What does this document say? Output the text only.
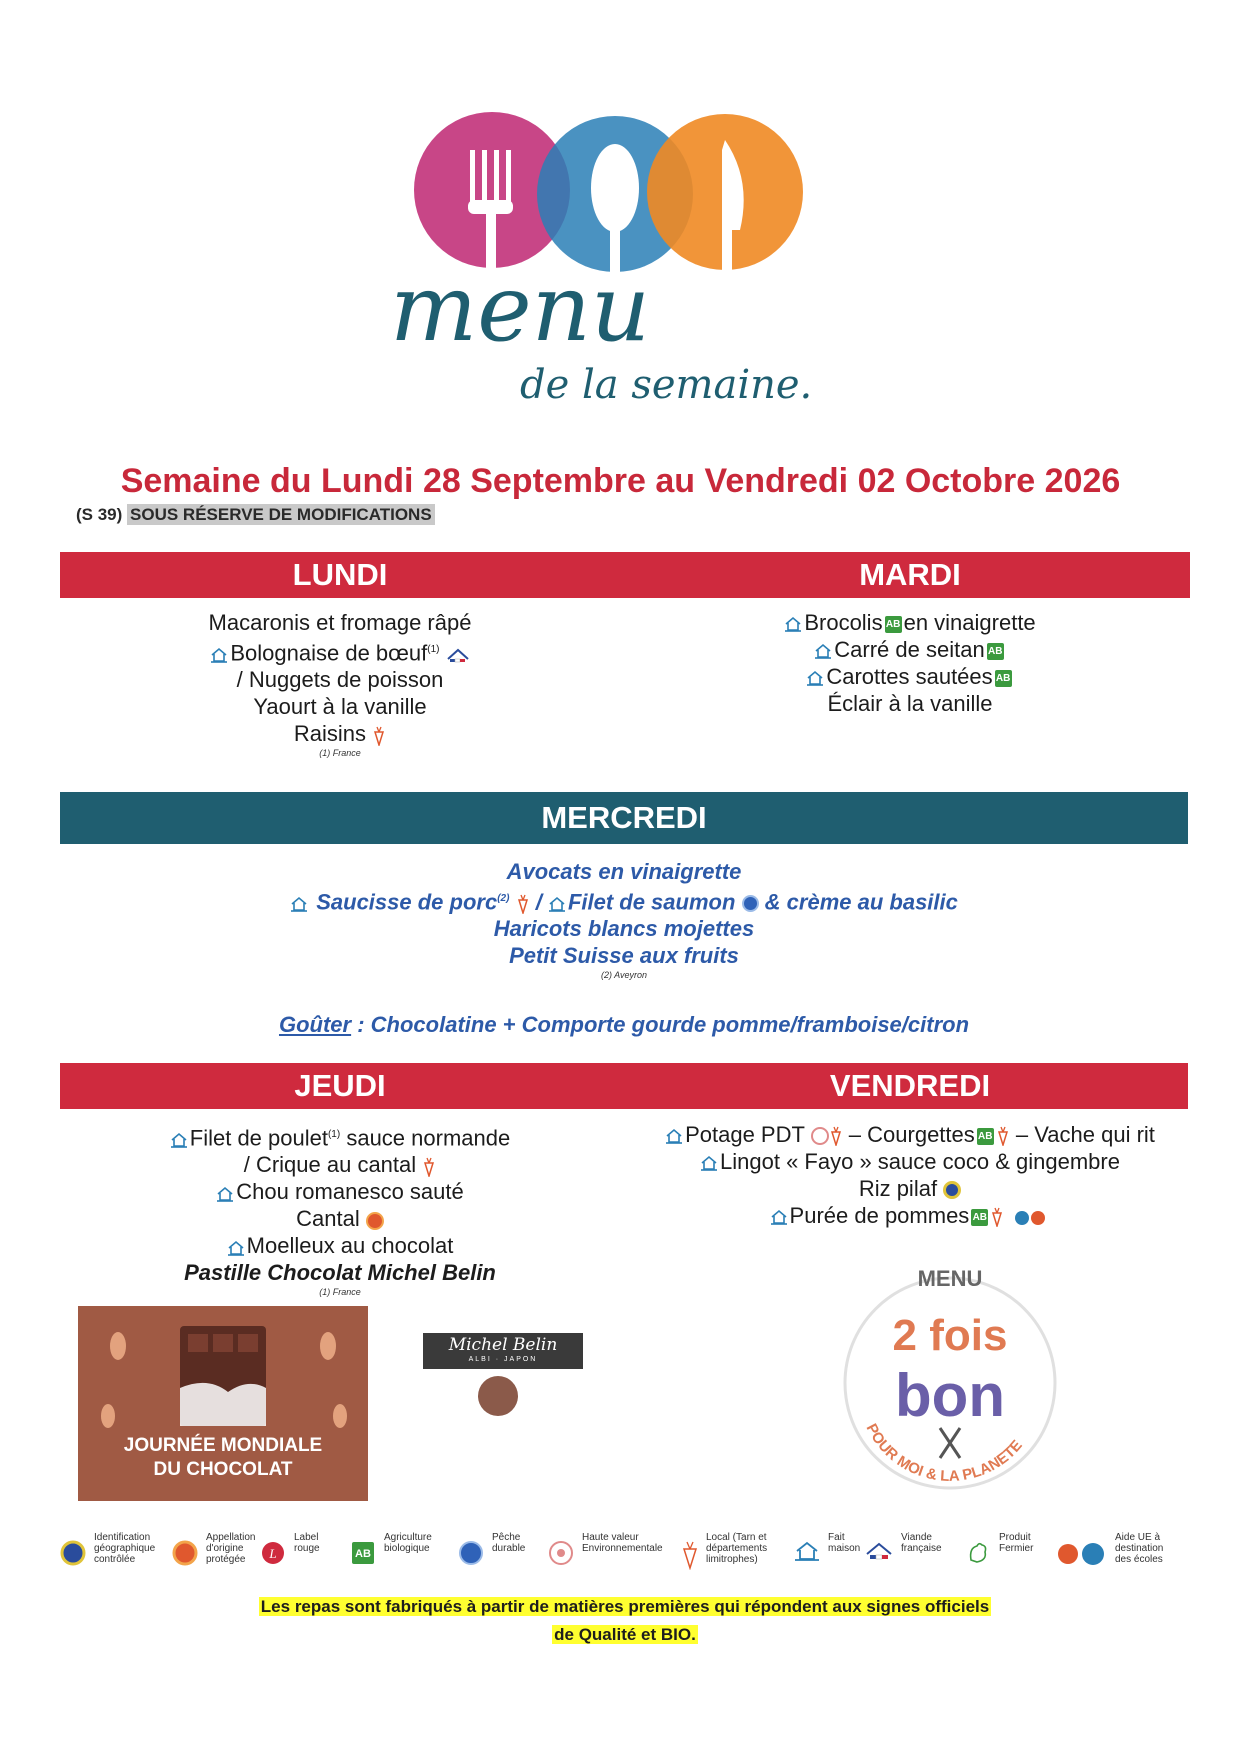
menu
de la semaine.
Semaine du Lundi 28 Septembre au Vendredi 02 Octobre 2026
(S 39) SOUS RÉSERVE DE MODIFICATIONS
LUNDI	MARDI
Macaronis et fromage râpé
Bolognaise de bœuf$^{(1)}$
/ Nuggets de poisson
Yaourt à la vanille
Raisins
(1) France
Brocolis AB en vinaigrette
Carré de seitan AB
Carottes sautées AB
Éclair à la vanille
MERCREDI
Avocats en vinaigrette
Saucisse de porc$^{(2)}$ / Filet de saumon & crème au basilic
Haricots blancs mojettes
Petit Suisse aux fruits
(2) Aveyron
Goûter : Chocolatine + Comporte gourde pomme/framboise/citron
JEUDI	VENDREDI
Filet de poulet$^{(1)}$ sauce normande
/ Crique au cantal
Chou romanesco sauté
Cantal
Moelleux au chocolat
Pastille Chocolat Michel Belin
(1) France
Potage PDT – Courgettes AB – Vache qui rit
Lingot « Fayo » sauce coco & gingembre
Riz pilaf
Purée de pommes AB
JOURNÉE MONDIALE
DU CHOCOLAT
Michel Belin
ALBI · JAPON
MENU
2 fois
bon
POUR MOI & LA PLANETE
Identification
géographique
contrôlée
Appellation
d'origine
protégée	L
Label
rouge	AB
Agriculture
biologique
Pêche
durable
Haute valeur
Environnementale
Local (Tarn et
départements
limitrophes)
Fait
maison
Viande
française
Produit
Fermier
Aide UE à
destination
des écoles
Les repas sont fabriqués à partir de matières premières qui répondent aux signes officiels
de Qualité et BIO.
